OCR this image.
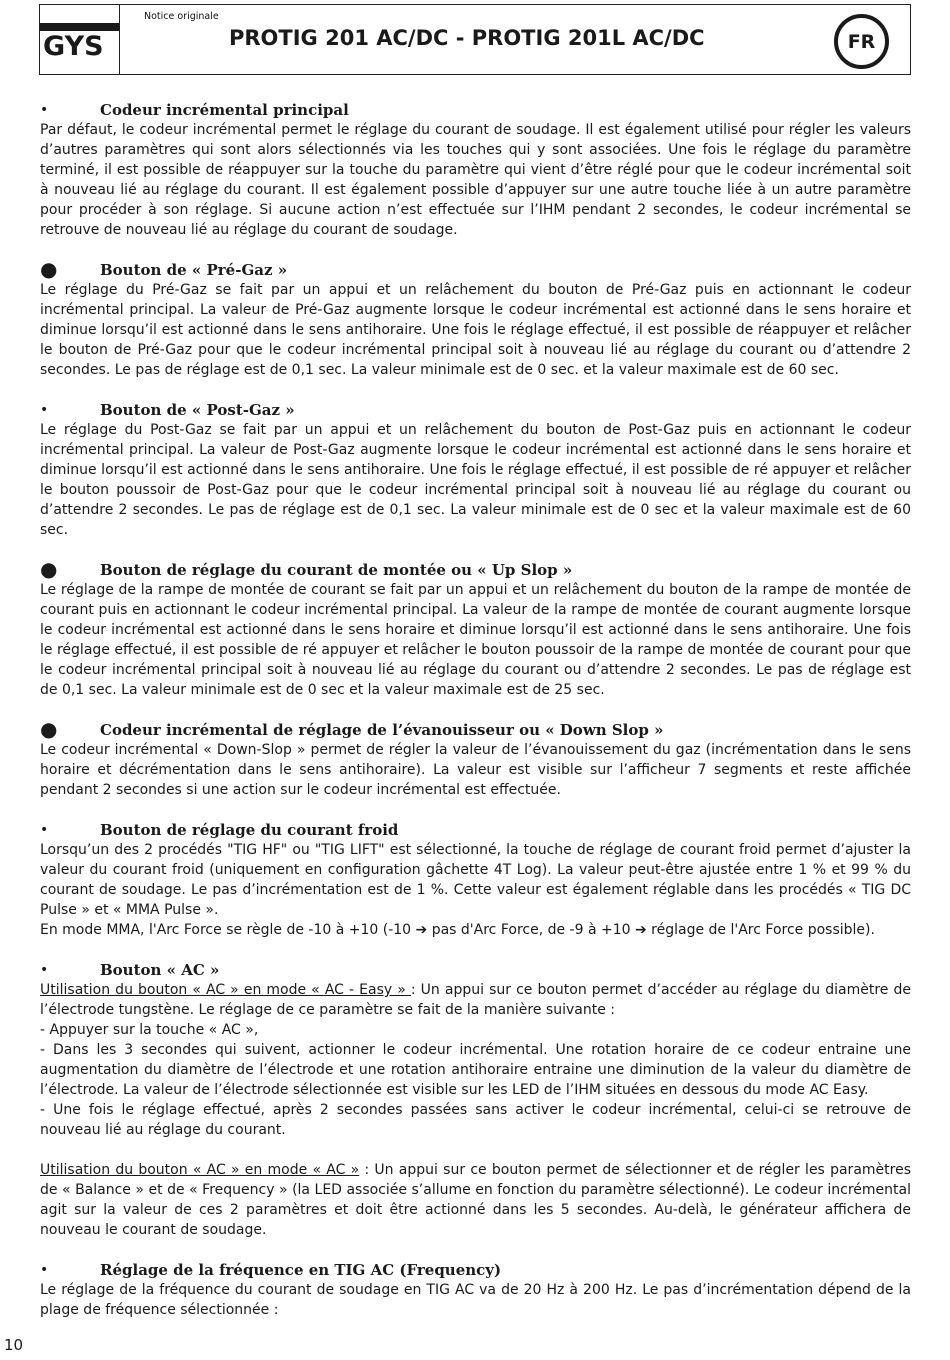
GYS
Notice originale
PROTIG 201 AC/DC - PROTIG 201L AC/DC	FR
•	Codeur incrémental principal
Par défaut, le codeur incrémental permet le réglage du courant de soudage. Il est également utilisé pour régler les valeurs d’autres paramètres qui sont alors sélectionnés via les touches qui y sont associées. Une fois le réglage du paramètre terminé, il est possible de réappuyer sur la touche du paramètre qui vient d’être réglé pour que le codeur incrémental soit à nouveau lié au réglage du courant. Il est également possible d’appuyer sur une autre touche liée à un autre paramètre pour procéder à son réglage. Si aucune action n’est effectuée sur l’IHM pendant 2 secondes, le codeur incrémental se retrouve de nouveau lié au réglage du courant de soudage.
●	Bouton de « Pré-Gaz »
Le réglage du Pré-Gaz se fait par un appui et un relâchement du bouton de Pré-Gaz puis en actionnant le codeur incrémental principal. La valeur de Pré-Gaz augmente lorsque le codeur incrémental est actionné dans le sens horaire et diminue lorsqu’il est actionné dans le sens antihoraire. Une fois le réglage effectué, il est possible de réappuyer et relâcher le bouton de Pré-Gaz pour que le codeur incrémental principal soit à nouveau lié au réglage du courant ou d’attendre 2 secondes. Le pas de réglage est de 0,1 sec. La valeur minimale est de 0 sec. et la valeur maximale est de 60 sec.
•	Bouton de « Post-Gaz »
Le réglage du Post-Gaz se fait par un appui et un relâchement du bouton de Post-Gaz puis en actionnant le codeur incrémental principal. La valeur de Post-Gaz augmente lorsque le codeur incrémental est actionné dans le sens horaire et diminue lorsqu’il est actionné dans le sens antihoraire. Une fois le réglage effectué, il est possible de ré appuyer et relâcher le bouton poussoir de Post-Gaz pour que le codeur incrémental principal soit à nouveau lié au réglage du courant ou d’attendre 2 secondes. Le pas de réglage est de 0,1 sec. La valeur minimale est de 0 sec et la valeur maximale est de 60 sec.
●	Bouton de réglage du courant de montée ou « Up Slop »
Le réglage de la rampe de montée de courant se fait par un appui et un relâchement du bouton de la rampe de montée de courant puis en actionnant le codeur incrémental principal. La valeur de la rampe de montée de courant augmente lorsque le codeur incrémental est actionné dans le sens horaire et diminue lorsqu’il est actionné dans le sens antihoraire. Une fois le réglage effectué, il est possible de ré appuyer et relâcher le bouton poussoir de la rampe de montée de courant pour que le codeur incrémental principal soit à nouveau lié au réglage du courant ou d’attendre 2 secondes. Le pas de réglage est de 0,1 sec. La valeur minimale est de 0 sec et la valeur maximale est de 25 sec.
●	Codeur incrémental de réglage de l’évanouisseur ou « Down Slop »
Le codeur incrémental « Down-Slop » permet de régler la valeur de l’évanouissement du gaz (incrémentation dans le sens horaire et décrémentation dans le sens antihoraire). La valeur est visible sur l’afficheur 7 segments et reste affichée pendant 2 secondes si une action sur le codeur incrémental est effectuée.
•	Bouton de réglage du courant froid
Lorsqu’un des 2 procédés "TIG HF" ou "TIG LIFT" est sélectionné, la touche de réglage de courant froid permet d’ajuster la valeur du courant froid (uniquement en configuration gâchette 4T Log). La valeur peut-être ajustée entre 1 % et 99 % du courant de soudage. Le pas d’incrémentation est de 1 %. Cette valeur est également réglable dans les procédés « TIG DC Pulse » et « MMA Pulse ».
En mode MMA, l'Arc Force se règle de -10 à +10 (-10 ➔ pas d'Arc Force, de -9 à +10 ➔ réglage de l'Arc Force possible).
•	Bouton « AC »
Utilisation du bouton « AC » en mode « AC - Easy » : Un appui sur ce bouton permet d’accéder au réglage du diamètre de l’électrode tungstène. Le réglage de ce paramètre se fait de la manière suivante :
- Appuyer sur la touche « AC »,
- Dans les 3 secondes qui suivent, actionner le codeur incrémental. Une rotation horaire de ce codeur entraine une augmentation du diamètre de l’électrode et une rotation antihoraire entraine une diminution de la valeur du diamètre de l’électrode. La valeur de l’électrode sélectionnée est visible sur les LED de l’IHM situées en dessous du mode AC Easy.
- Une fois le réglage effectué, après 2 secondes passées sans activer le codeur incrémental, celui-ci se retrouve de nouveau lié au réglage du courant.
Utilisation du bouton « AC » en mode « AC » : Un appui sur ce bouton permet de sélectionner et de régler les paramètres de « Balance » et de « Frequency » (la LED associée s’allume en fonction du paramètre sélectionné). Le codeur incrémental agit sur la valeur de ces 2 paramètres et doit être actionné dans les 5 secondes. Au-delà, le générateur affichera de nouveau le courant de soudage.
•	Réglage de la fréquence en TIG AC (Frequency)
Le réglage de la fréquence du courant de soudage en TIG AC va de 20 Hz à 200 Hz. Le pas d’incrémentation dépend de la plage de fréquence sélectionnée :
10
